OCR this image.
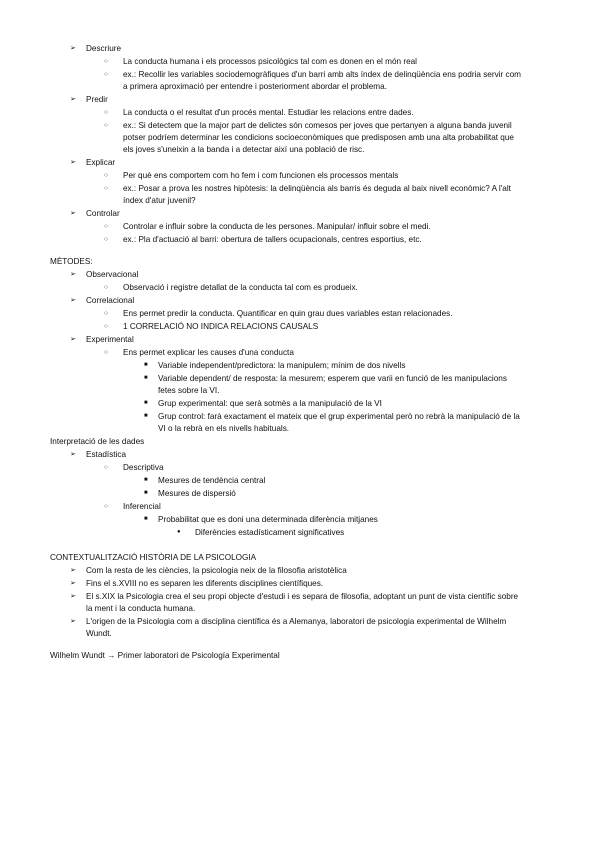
➢ Descriure
○ La conducta humana i els processos psicològics tal com es donen en el món real
○ ex.: Recollir les variables sociodemogràfiques d'un barri amb alts índex de delinqüència ens podria servir com
a primera aproximació per entendre i posteriorment abordar el problema.
➢ Predir
○ La conducta o el resultat d'un procés mental. Estudiar les relacions entre dades.
○ ex.: Si detectem que la major part de delictes són comesos per joves que pertanyen a alguna banda juvenil
potser podríem determinar les condicions socioeconòmiques que predisposen amb una alta probabilitat que
els joves s'uneixin a la banda i a detectar així una població de risc.
➢ Explicar
○ Per què ens comportem com ho fem i com funcionen els processos mentals
○ ex.: Posar a prova les nostres hipòtesis: la delinqüència als barris és deguda al baix nivell econòmic? A l'alt
índex d'atur juvenil?
➢ Controlar
○ Controlar e influir sobre la conducta de les persones. Manipular/ influir sobre el medi.
○ ex.: Pla d'actuació al barri: obertura de tallers ocupacionals, centres esportius, etc.
MÈTODES:
➢ Observacional
○ Observació i registre detallat de la conducta tal com es produeix.
➢ Correlacional
○ Ens permet predir la conducta. Quantificar en quin grau dues variables estan relacionades.
○ 1 CORRELACIÓ NO INDICA RELACIONS CAUSALS
➢ Experimental
○ Ens permet explicar les causes d'una conducta
■ Variable independent/predictora: la manipulem; mínim de dos nivells
■ Variable dependent/ de resposta: la mesurem; esperem que varii en funció de les manipulacions
fetes sobre la VI.
■ Grup experimental: que serà sotmès a la manipulació de la VI
■ Grup control: farà exactament el mateix que el grup experimental però no rebrà la manipulació de la
VI o la rebrà en els nivells habituals.
Interpretació de les dades
➢ Estadística
○ Descriptiva
■ Mesures de tendència central
■ Mesures de dispersió
○ Inferencial
■ Probabilitat que es doni una determinada diferència mitjanes
● Diferències estadísticament significatives
CONTEXTUALITZACIÓ HISTÒRIA DE LA PSICOLOGIA
➢ Com la resta de les ciències, la psicologia neix de la filosofia aristotèlica
➢ Fins el s.XVIII no es separen les diferents disciplines científiques.
➢ El s.XIX la Psicologia crea el seu propi objecte d'estudi i es separa de filosofia, adoptant un punt de vista científic sobre
la ment i la conducta humana.
➢ L'origen de la Psicologia com a disciplina científica és a Alemanya, laboratori de psicologia experimental de Wilhelm
Wundt.
Wilhelm Wundt → Primer laboratori de Psicología Experimental
